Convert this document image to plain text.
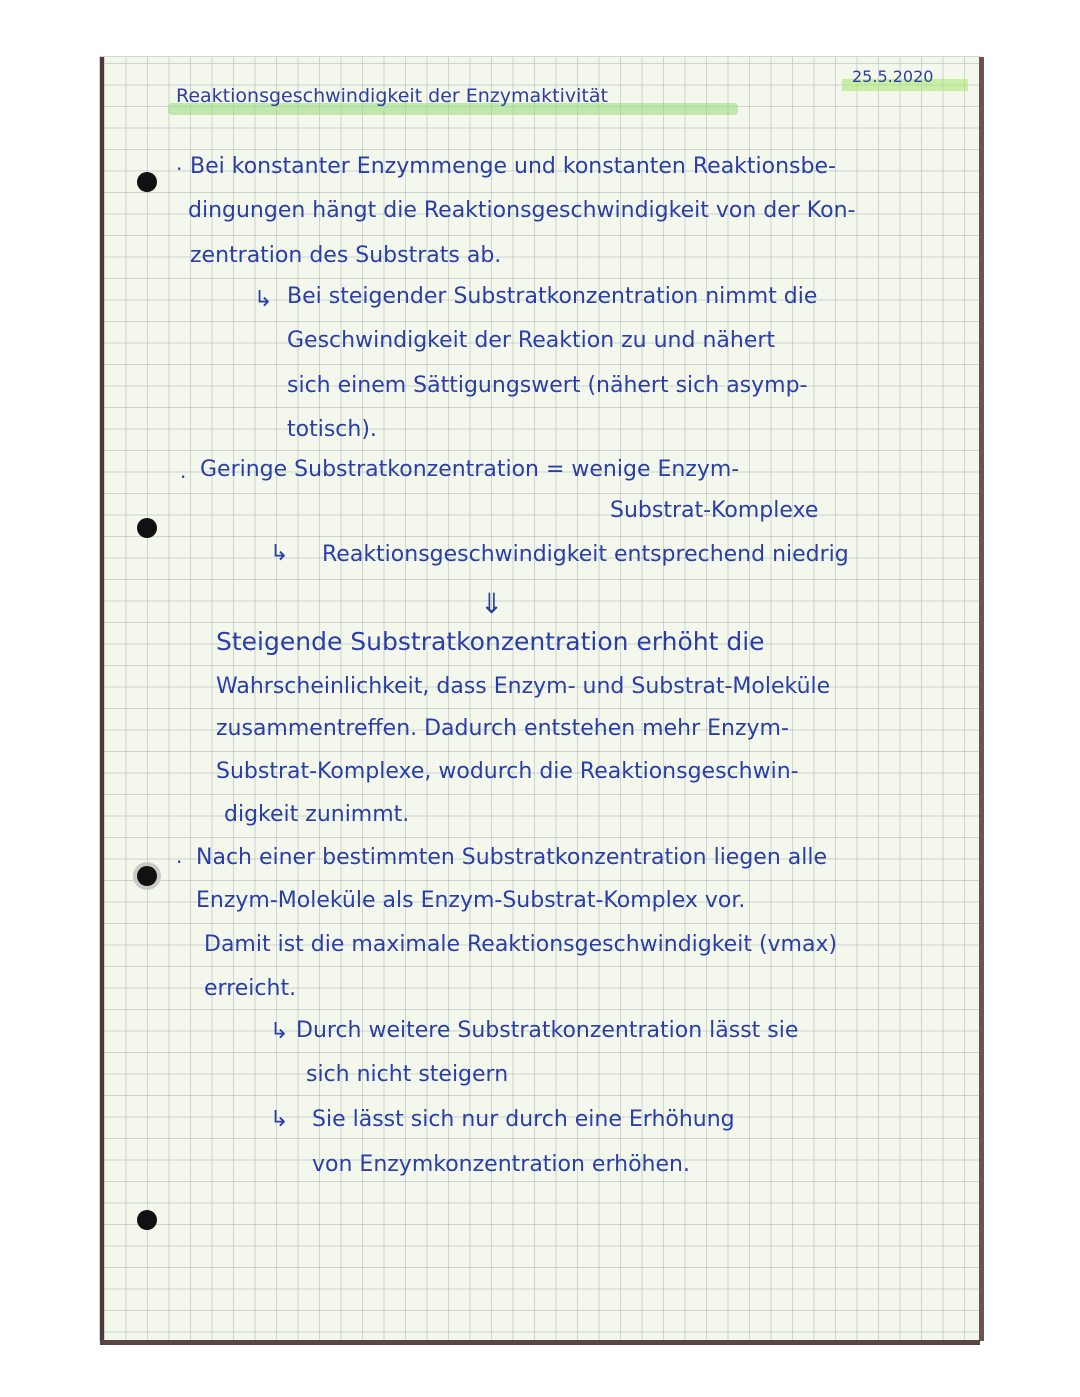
25.5.2020
Reaktionsgeschwindigkeit der Enzymaktivität
· Bei konstanter Enzymmenge und konstanten Reaktionsbe-
dingungen hängt die Reaktionsgeschwindigkeit von der Kon-
zentration des Substrats ab.
↳ Bei steigender Substratkonzentration nimmt die
Geschwindigkeit der Reaktion zu und nähert
sich einem Sättigungswert (nähert sich asymp-
totisch).
· Geringe Substratkonzentration = wenige Enzym-
Substrat-Komplexe
↳ Reaktionsgeschwindigkeit entsprechend niedrig
⇓
Steigende Substratkonzentration erhöht die
Wahrscheinlichkeit, dass Enzym- und Substrat-Moleküle
zusammentreffen. Dadurch entstehen mehr Enzym-
Substrat-Komplexe, wodurch die Reaktionsgeschwin-
digkeit zunimmt.
· Nach einer bestimmten Substratkonzentration liegen alle
Enzym-Moleküle als Enzym-Substrat-Komplex vor.
Damit ist die maximale Reaktionsgeschwindigkeit (vmax)
erreicht.
↳ Durch weitere Substratkonzentration lässt sie
sich nicht steigern
↳ Sie lässt sich nur durch eine Erhöhung
von Enzymkonzentration erhöhen.
